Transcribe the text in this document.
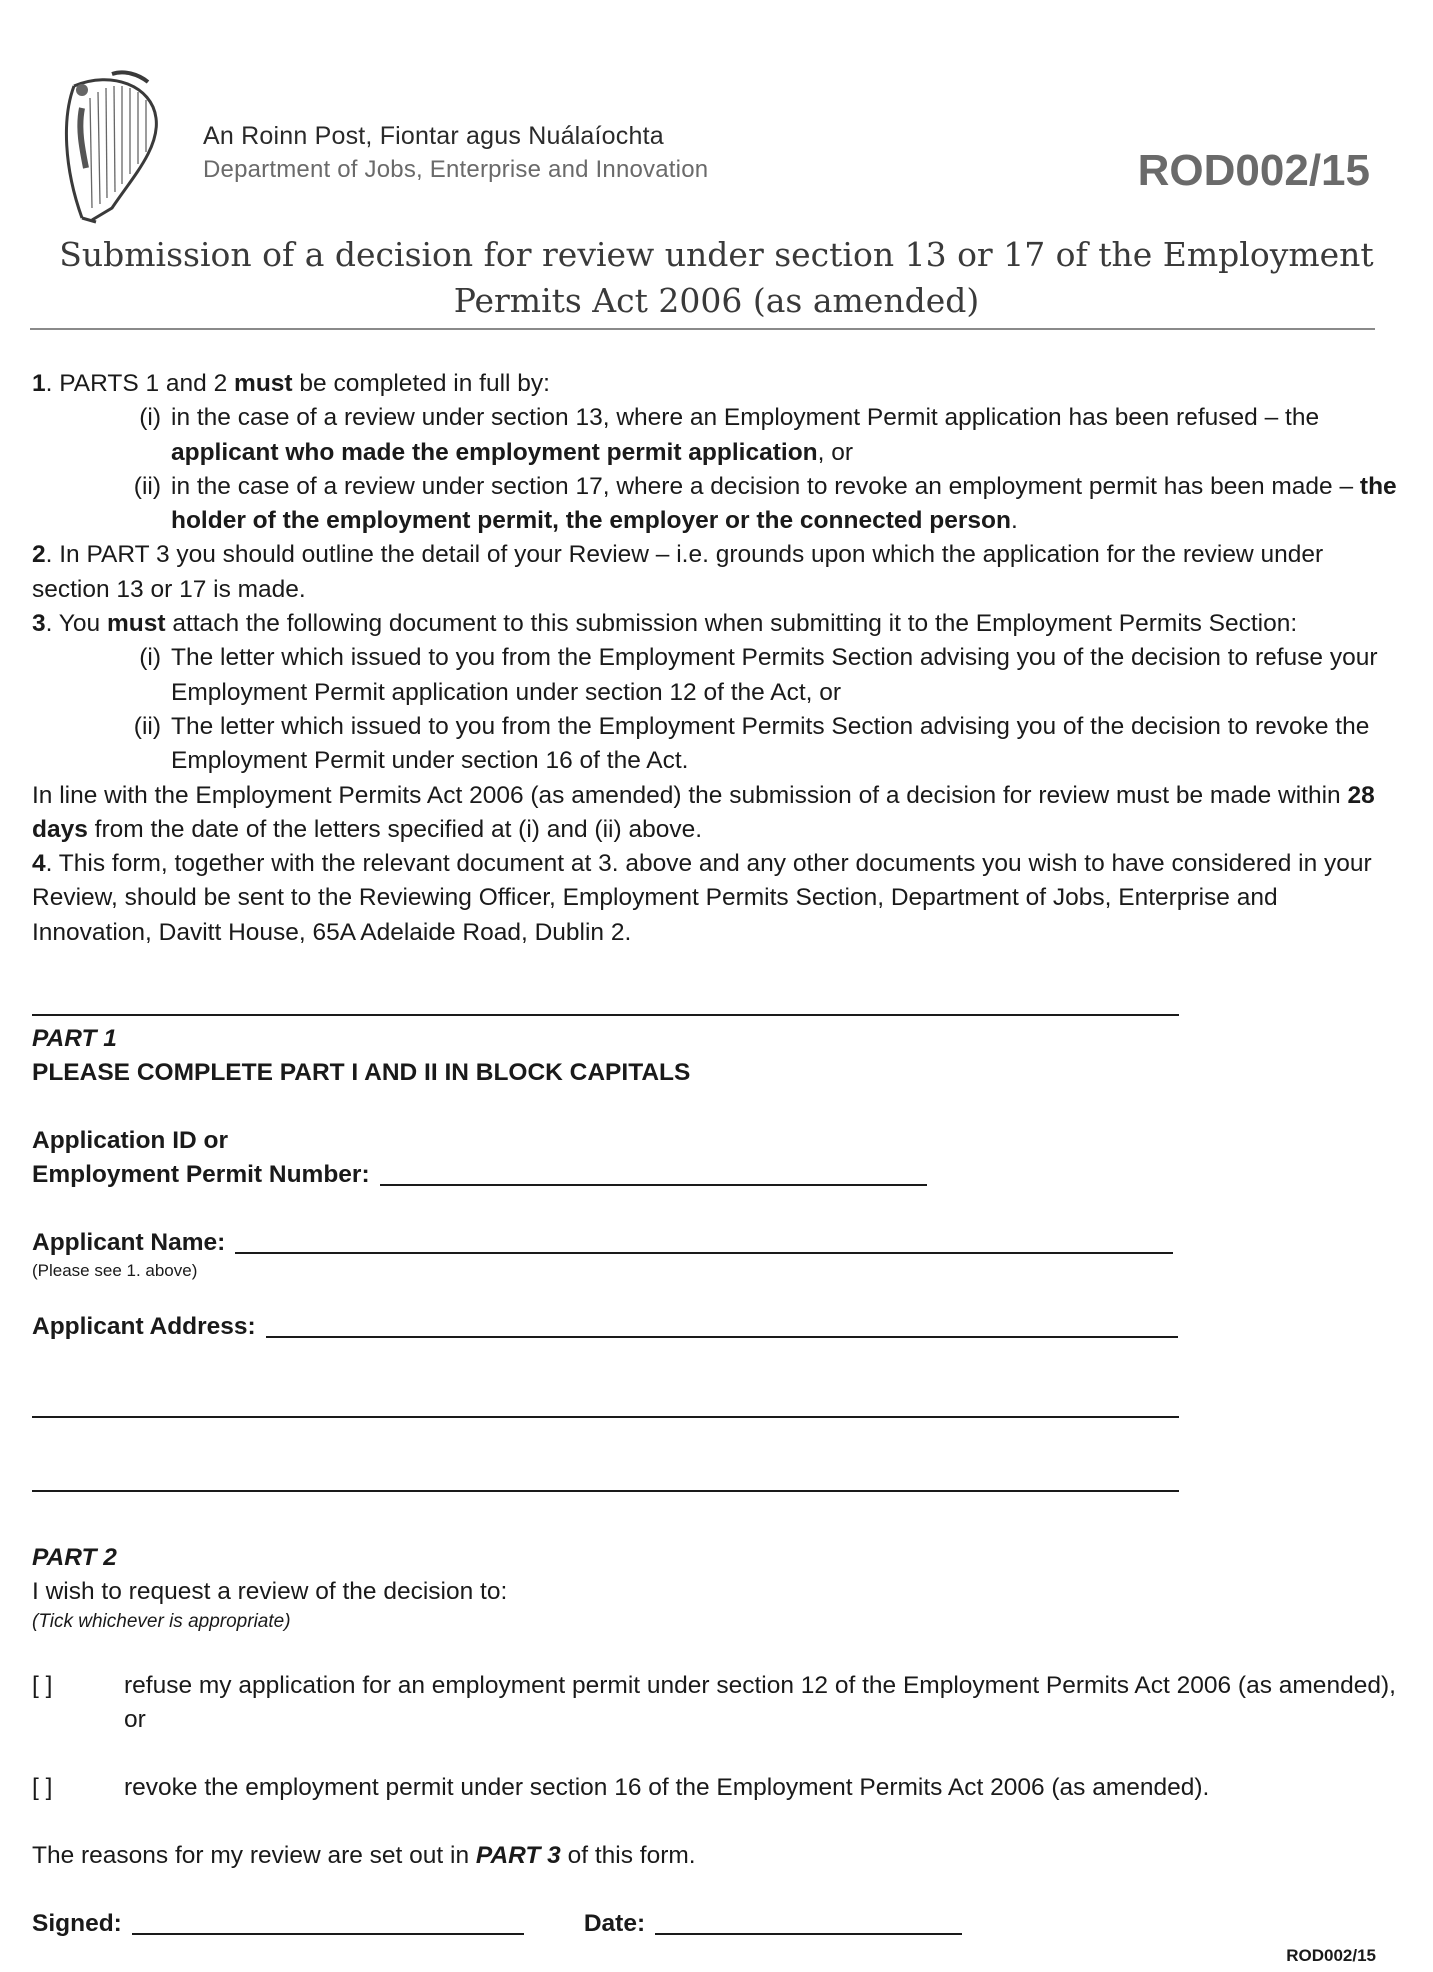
An Roinn Post, Fiontar agus Nuálaíochta
Department of Jobs, Enterprise and Innovation	ROD002/15
Submission of a decision for review under section 13 or 17 of the Employment
Permits Act 2006 (as amended)

1. PARTS 1 and 2 must be completed in full by:

(i) in the case of a review under section 13, where an Employment Permit application has been refused – the applicant who made the employment permit application, or
(ii) in the case of a review under section 17, where a decision to revoke an employment permit has been made – the holder of the employment permit, the employer or the connected person.

2. In PART 3 you should outline the detail of your Review – i.e. grounds upon which the application for the review under section 13 or 17 is made.

3. You must attach the following document to this submission when submitting it to the Employment Permits Section:

(i) The letter which issued to you from the Employment Permits Section advising you of the decision to refuse your Employment Permit application under section 12 of the Act, or
(ii) The letter which issued to you from the Employment Permits Section advising you of the decision to revoke the Employment Permit under section 16 of the Act.

In line with the Employment Permits Act 2006 (as amended) the submission of a decision for review must be made within 28 days from the date of the letters specified at (i) and (ii) above.

4. This form, together with the relevant document at 3. above and any other documents you wish to have considered in your Review, should be sent to the Reviewing Officer, Employment Permits Section, Department of Jobs, Enterprise and Innovation, Davitt House, 65A Adelaide Road, Dublin 2.

PART 1
PLEASE COMPLETE PART I AND II IN BLOCK CAPITALS
Application ID or
Employment Permit Number:
Applicant Name:
(Please see 1. above)
Applicant Address:
PART 2
I wish to request a review of the decision to:
(Tick whichever is appropriate)
[ ]	refuse my application for an employment permit under section 12 of the Employment Permits Act 2006 (as amended), or
[ ]	revoke the employment permit under section 16 of the Employment Permits Act 2006 (as amended).
The reasons for my review are set out in PART 3 of this form.
Signed:	Date:
ROD002/15
